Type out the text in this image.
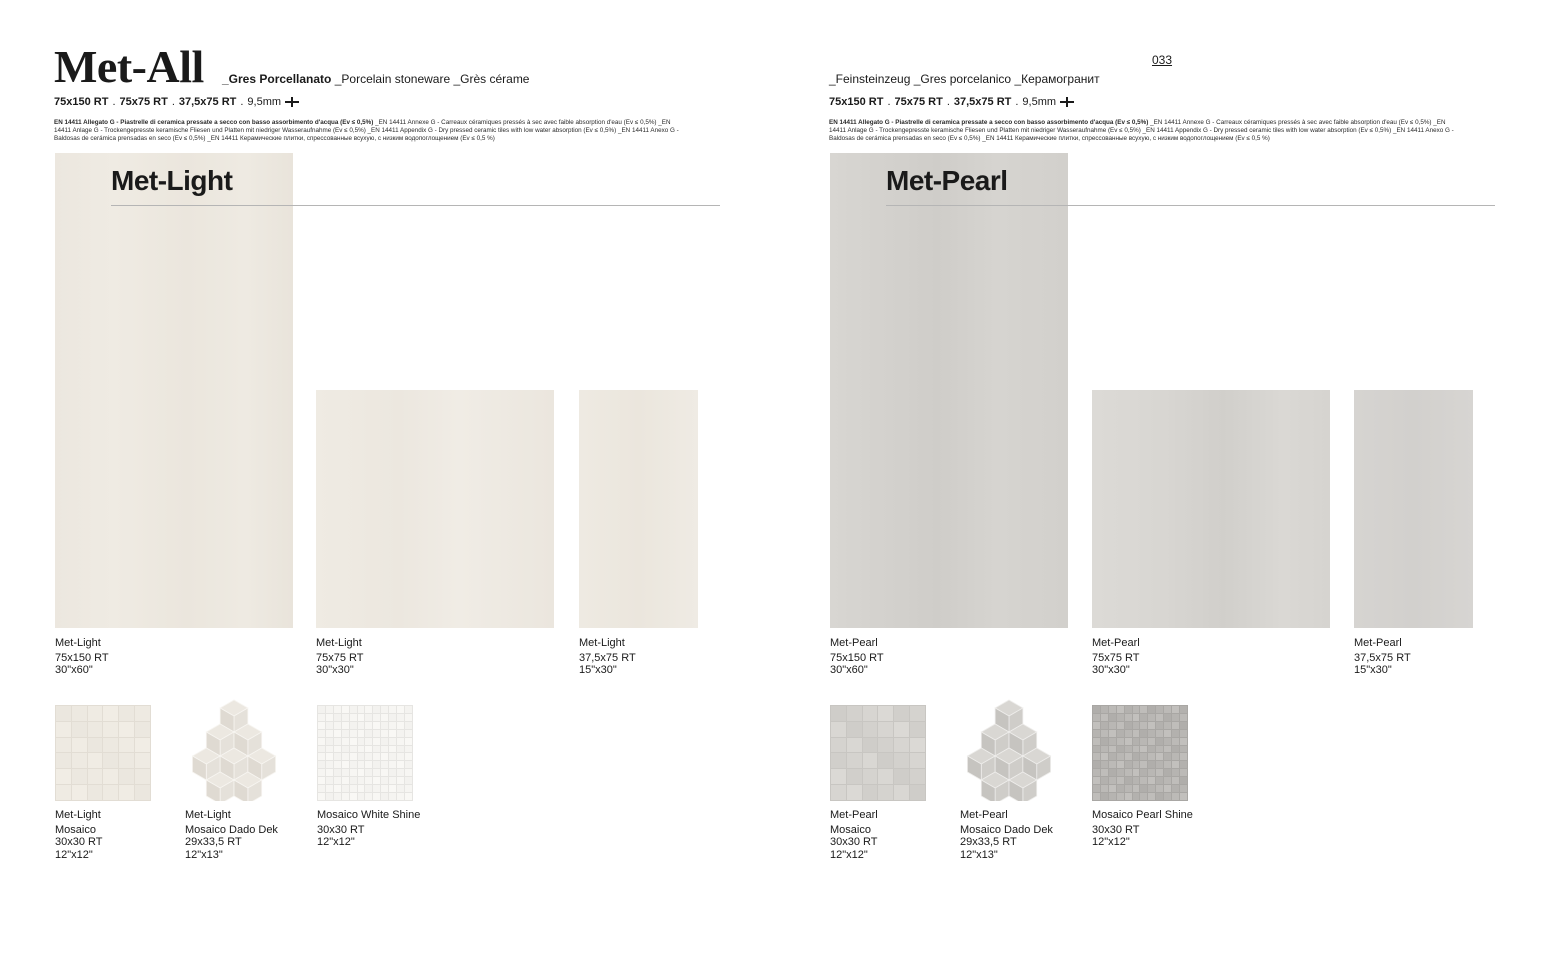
Met-All _Gres Porcellanato _Porcelain stoneware _Grès cérame
75x150 RT . 75x75 RT . 37,5x75 RT . 9,5mm
EN 14411 Allegato G - Piastrelle di ceramica pressate a secco con basso assorbimento d'acqua (Ev ≤ 0,5%) _EN 14411 Annexe G - Carreaux céramiques pressés à sec avec faible absorption d'eau (Ev ≤ 0,5%) _EN 14411 Anlage G - Trockengepresste keramische Fliesen und Platten mit niedriger Wasseraufnahme (Ev ≤ 0,5%) _EN 14411 Appendix G - Dry pressed ceramic tiles with low water absorption (Ev ≤ 0,5%) _EN 14411 Anexo G - Baldosas de cerámica prensadas en seco (Ev ≤ 0,5%) _EN 14411 Керамические плитки, спрессованные всухую, с низким водопоглощением (Ev ≤ 0,5 %)
033
_Feinsteinzeug _Gres porcelanico _Керамогранит
75x150 RT . 75x75 RT . 37,5x75 RT . 9,5mm
EN 14411 Allegato G - Piastrelle di ceramica pressate a secco con basso assorbimento d'acqua (Ev ≤ 0,5%) _EN 14411 Annexe G - Carreaux céramiques pressés à sec avec faible absorption d'eau (Ev ≤ 0,5%) _EN 14411 Anlage G - Trockengepresste keramische Fliesen und Platten mit niedriger Wasseraufnahme (Ev ≤ 0,5%) _EN 14411 Appendix G - Dry pressed ceramic tiles with low water absorption (Ev ≤ 0,5%) _EN 14411 Anexo G - Baldosas de cerámica prensadas en seco (Ev ≤ 0,5%) _EN 14411 Керамические плитки, спрессованные всухую, с низким водопоглощением (Ev ≤ 0,5 %)
Met-Light
Met-Light
75x150 RT
30"x60"
Met-Light
75x75 RT
30"x30"
Met-Light
37,5x75 RT
15"x30"
Met-Light
Mosaico
30x30 RT
12"x12"
Met-Light
Mosaico Dado Dek
29x33,5 RT
12"x13"
Mosaico White Shine
30x30 RT
12"x12"
Met-Pearl
Met-Pearl
75x150 RT
30"x60"
Met-Pearl
75x75 RT
30"x30"
Met-Pearl
37,5x75 RT
15"x30"
Met-Pearl
Mosaico
30x30 RT
12"x12"
Met-Pearl
Mosaico Dado Dek
29x33,5 RT
12"x13"
Mosaico Pearl Shine
30x30 RT
12"x12"
